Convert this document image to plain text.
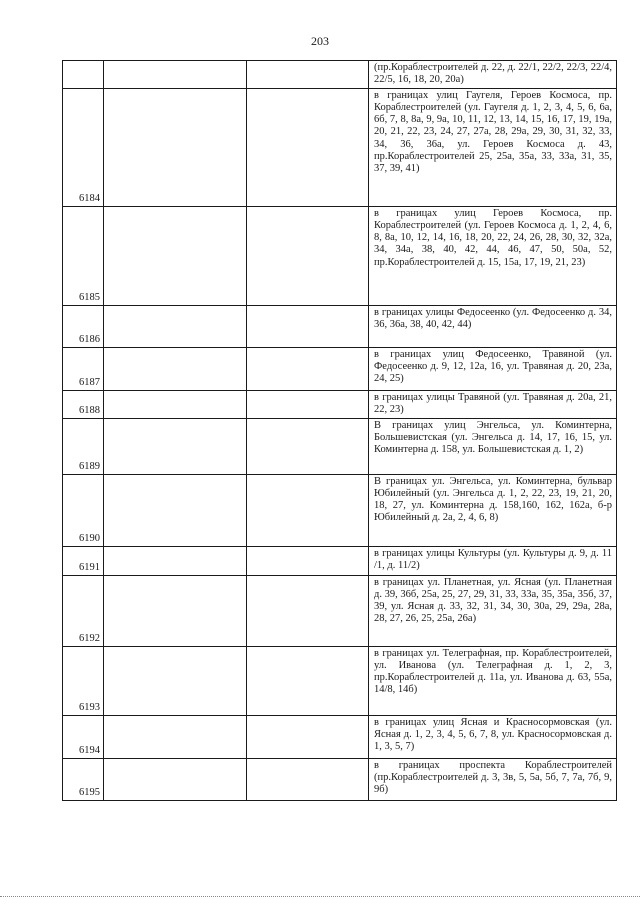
203
			(пр.Кораблестроителей д. 22, д. 22/1, 22/2, 22/3, 22/4, 22/5, 16, 18, 20, 20а)
6184			в границах улиц Гаугеля, Героев Космоса, пр. Кораблестроителей (ул. Гаугеля д. 1, 2, 3, 4, 5, 6, 6а, 6б, 7, 8, 8а, 9, 9а, 10, 11, 12, 13, 14, 15, 16, 17, 19, 19а, 20, 21, 22, 23, 24, 27, 27а, 28, 29а, 29, 30, 31, 32, 33, 34, 36, 36а, ул. Героев Космоса д. 43, пр.Кораблестроителей 25, 25а, 35а, 33, 33а, 31, 35, 37, 39, 41)
6185			в границах улиц Героев Космоса, пр. Кораблестроителей (ул. Героев Космоса д. 1, 2, 4, 6, 8, 8а, 10, 12, 14, 16, 18, 20, 22, 24, 26, 28, 30, 32, 32а, 34, 34а, 38, 40, 42, 44, 46, 47, 50, 50а, 52, пр.Кораблестроителей д. 15, 15а, 17, 19, 21, 23)
6186			в границах улицы Федосеенко (ул. Федосеенко д. 34, 36, 36а, 38, 40, 42, 44)
6187			в границах улиц Федосеенко, Травяной (ул. Федосеенко д. 9, 12, 12а, 16, ул. Травяная д. 20, 23а, 24, 25)
6188			в границах улицы Травяной (ул. Травяная д. 20а, 21, 22, 23)
6189			В границах улиц Энгельса, ул. Коминтерна, Большевистская (ул. Энгельса д. 14, 17, 16, 15, ул. Коминтерна д. 158, ул. Большевистская д. 1, 2)
6190			В границах ул. Энгельса, ул. Коминтерна, бульвар Юбилейный (ул. Энгельса д. 1, 2, 22, 23, 19, 21, 20, 18, 27, ул. Коминтерна д. 158,160, 162, 162а, б-р Юбилейный д. 2а, 2, 4, 6, 8)
6191			в границах улицы Культуры (ул. Культуры д. 9, д. 11 /1, д. 11/2)
6192			в границах ул. Планетная, ул. Ясная (ул. Планетная д. 39, 36б, 25а, 25, 27, 29, 31, 33, 33а, 35, 35а, 35б, 37, 39, ул. Ясная д. 33, 32, 31, 34, 30, 30а, 29, 29а, 28а, 28, 27, 26, 25, 25а, 26а)
6193			в границах ул. Телеграфная, пр. Кораблестроителей, ул. Иванова (ул. Телеграфная д. 1, 2, 3, пр.Кораблестроителей д. 11а, ул. Иванова д. 63, 55а, 14/8, 14б)
6194			в границах улиц Ясная и Красносормовская (ул. Ясная д. 1, 2, 3, 4, 5, 6, 7, 8, ул. Красносормовская д. 1, 3, 5, 7)
6195			в границах проспекта Кораблестроителей (пр.Кораблестроителей д. 3, 3в, 5, 5а, 5б, 7, 7а, 7б, 9, 9б)
